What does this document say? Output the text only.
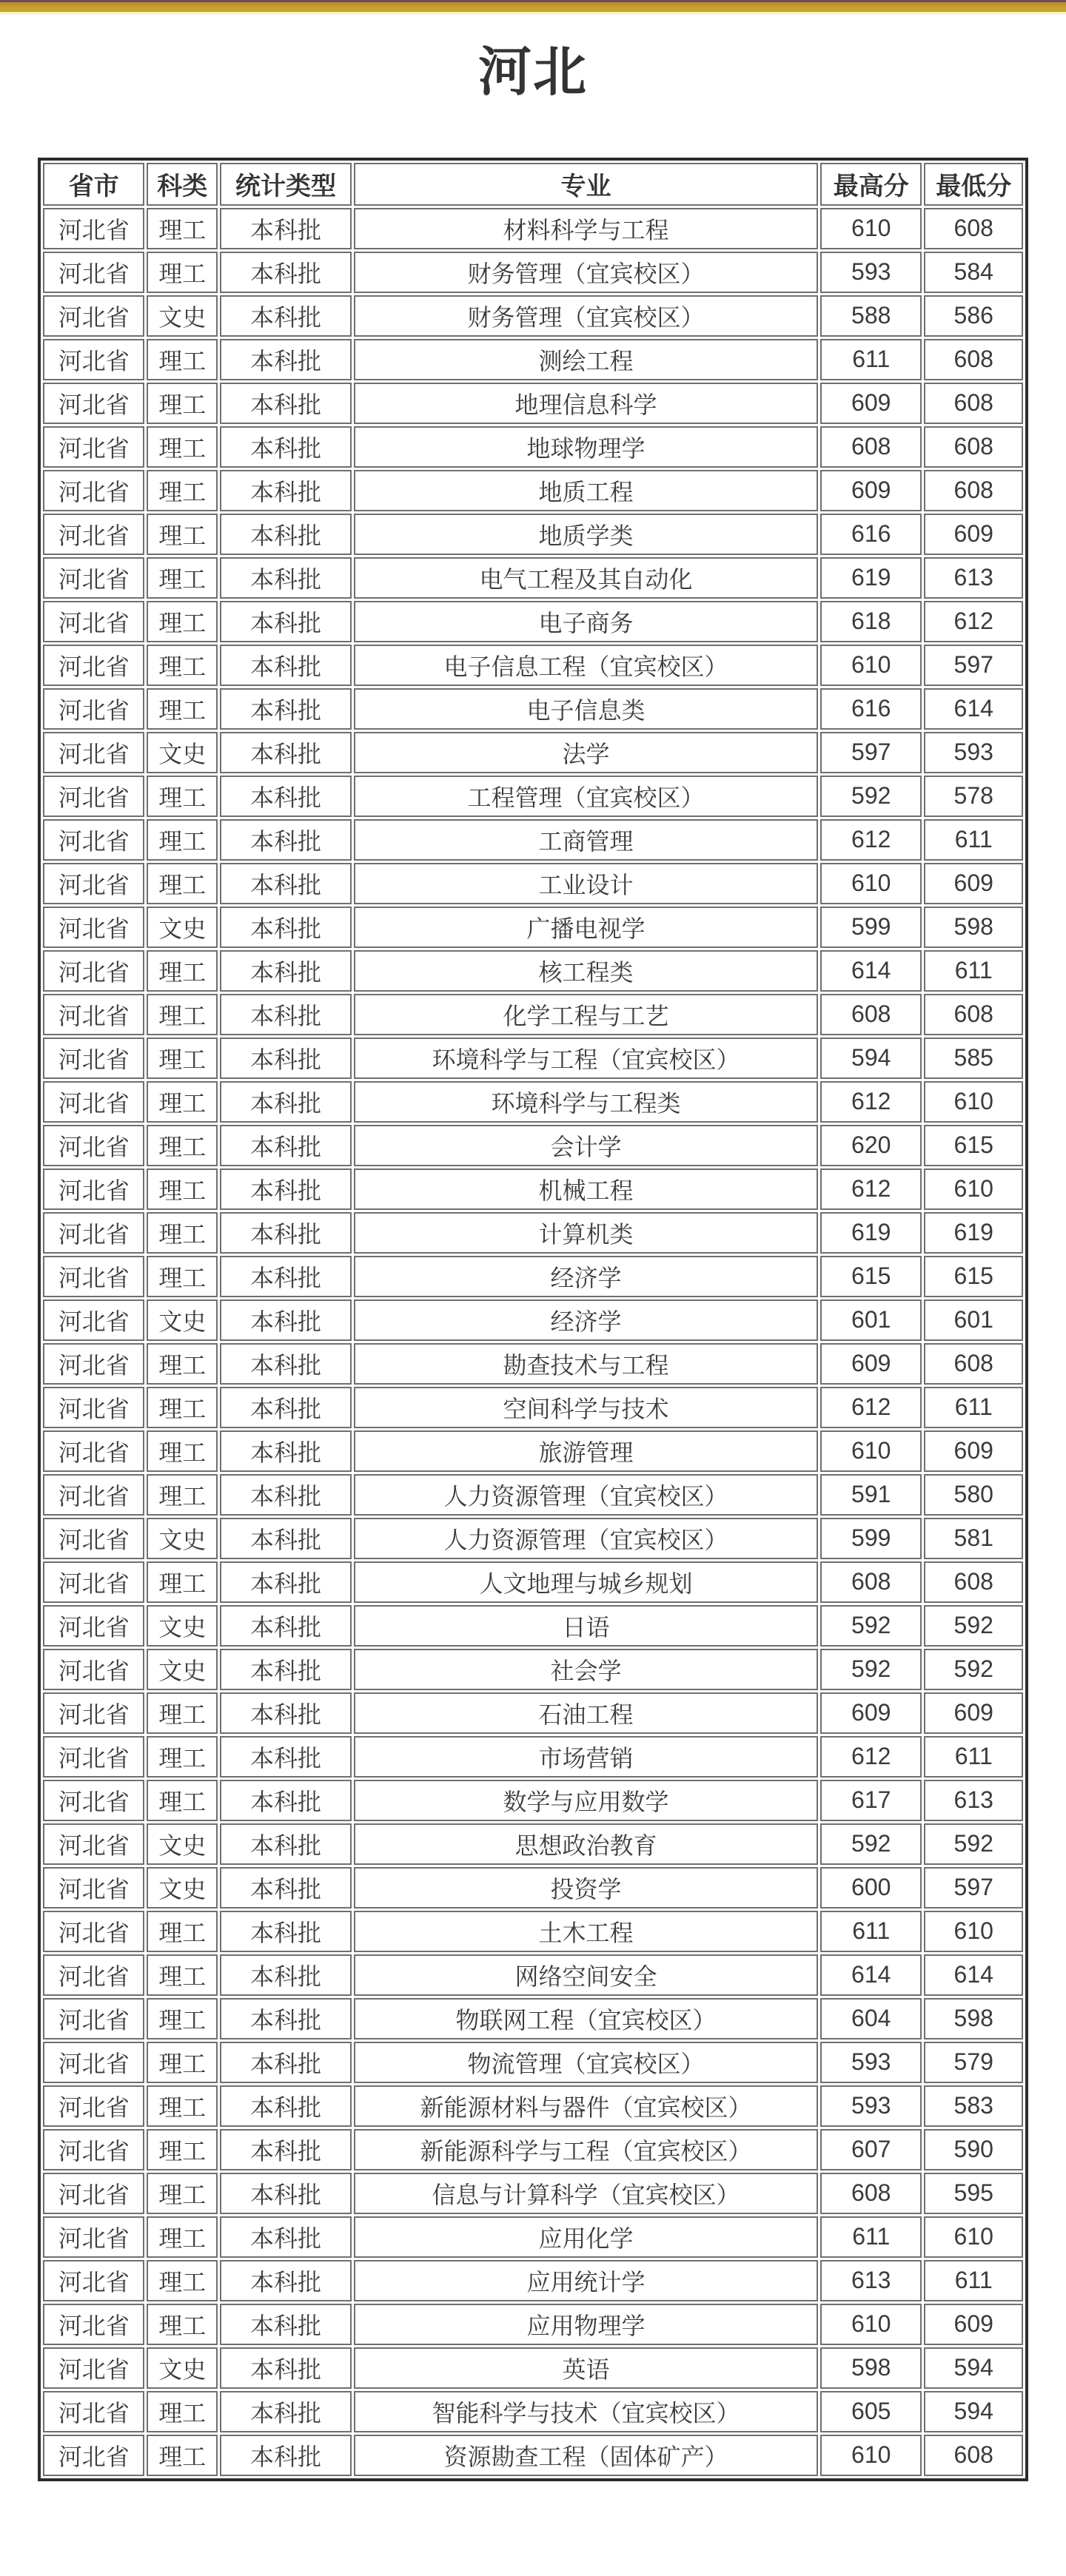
河北
省市	科类	统计类型	专业	最高分	最低分
河北省	理工	本科批	材料科学与工程	610	608
河北省	理工	本科批	财务管理（宜宾校区）	593	584
河北省	文史	本科批	财务管理（宜宾校区）	588	586
河北省	理工	本科批	测绘工程	611	608
河北省	理工	本科批	地理信息科学	609	608
河北省	理工	本科批	地球物理学	608	608
河北省	理工	本科批	地质工程	609	608
河北省	理工	本科批	地质学类	616	609
河北省	理工	本科批	电气工程及其自动化	619	613
河北省	理工	本科批	电子商务	618	612
河北省	理工	本科批	电子信息工程（宜宾校区）	610	597
河北省	理工	本科批	电子信息类	616	614
河北省	文史	本科批	法学	597	593
河北省	理工	本科批	工程管理（宜宾校区）	592	578
河北省	理工	本科批	工商管理	612	611
河北省	理工	本科批	工业设计	610	609
河北省	文史	本科批	广播电视学	599	598
河北省	理工	本科批	核工程类	614	611
河北省	理工	本科批	化学工程与工艺	608	608
河北省	理工	本科批	环境科学与工程（宜宾校区）	594	585
河北省	理工	本科批	环境科学与工程类	612	610
河北省	理工	本科批	会计学	620	615
河北省	理工	本科批	机械工程	612	610
河北省	理工	本科批	计算机类	619	619
河北省	理工	本科批	经济学	615	615
河北省	文史	本科批	经济学	601	601
河北省	理工	本科批	勘查技术与工程	609	608
河北省	理工	本科批	空间科学与技术	612	611
河北省	理工	本科批	旅游管理	610	609
河北省	理工	本科批	人力资源管理（宜宾校区）	591	580
河北省	文史	本科批	人力资源管理（宜宾校区）	599	581
河北省	理工	本科批	人文地理与城乡规划	608	608
河北省	文史	本科批	日语	592	592
河北省	文史	本科批	社会学	592	592
河北省	理工	本科批	石油工程	609	609
河北省	理工	本科批	市场营销	612	611
河北省	理工	本科批	数学与应用数学	617	613
河北省	文史	本科批	思想政治教育	592	592
河北省	文史	本科批	投资学	600	597
河北省	理工	本科批	土木工程	611	610
河北省	理工	本科批	网络空间安全	614	614
河北省	理工	本科批	物联网工程（宜宾校区）	604	598
河北省	理工	本科批	物流管理（宜宾校区）	593	579
河北省	理工	本科批	新能源材料与器件（宜宾校区）	593	583
河北省	理工	本科批	新能源科学与工程（宜宾校区）	607	590
河北省	理工	本科批	信息与计算科学（宜宾校区）	608	595
河北省	理工	本科批	应用化学	611	610
河北省	理工	本科批	应用统计学	613	611
河北省	理工	本科批	应用物理学	610	609
河北省	文史	本科批	英语	598	594
河北省	理工	本科批	智能科学与技术（宜宾校区）	605	594
河北省	理工	本科批	资源勘查工程（固体矿产）	610	608
